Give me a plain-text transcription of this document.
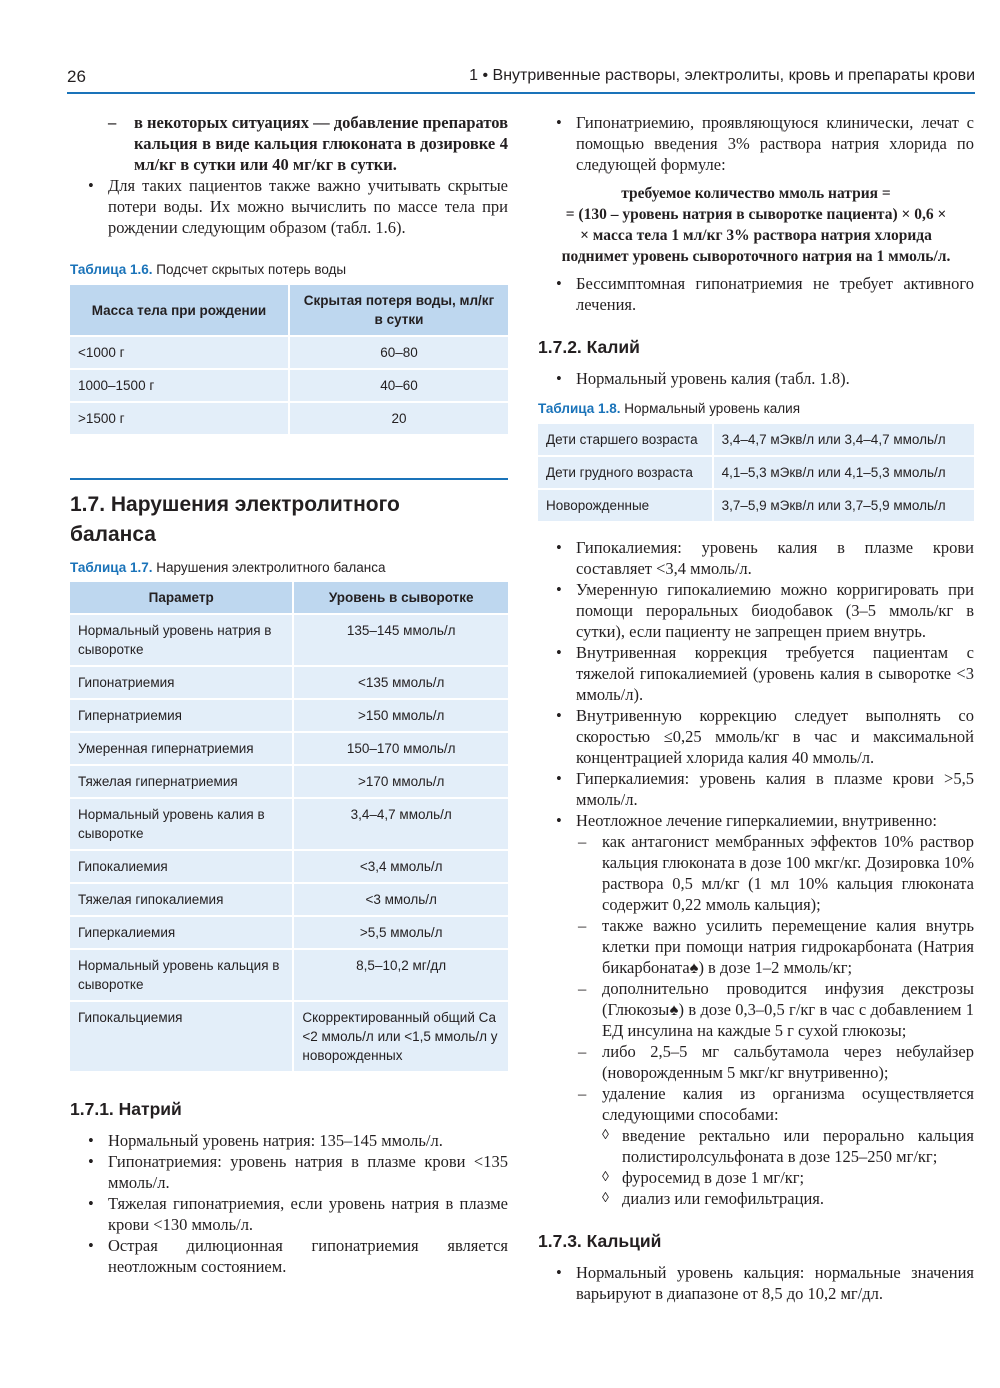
26	1 • Внутривенные растворы, электролиты, кровь и препараты крови
– в некоторых ситуациях — добавление препаратов кальция в виде кальция глюконата в дозировке 4 мл/кг в сутки или 40 мг/кг в сутки.
• Для таких пациентов также важно учитывать скрытые потери воды. Их можно вычислить по массе тела при рождении следующим образом (табл. 1.6).

Таблица 1.6. Подсчет скрытых потерь воды

Масса тела при рождении	Скрытая потеря воды, мл/кг в сутки
<1000 г	60–80
1000–1500 г	40–60
>1500 г	20
1.7. Нарушения электролитного баланса

Таблица 1.7. Нарушения электролитного баланса

Параметр	Уровень в сыворотке
Нормальный уровень натрия в сыворотке	135–145 ммоль/л
Гипонатриемия	<135 ммоль/л
Гипернатриемия	>150 ммоль/л
Умеренная гипернатриемия	150–170 ммоль/л
Тяжелая гипернатриемия	>170 ммоль/л
Нормальный уровень калия в сыворотке	3,4–4,7 ммоль/л
Гипокалиемия	<3,4 ммоль/л
Тяжелая гипокалиемия	<3 ммоль/л
Гиперкалиемия	>5,5 ммоль/л
Нормальный уровень кальция в сыворотке	8,5–10,2 мг/дл
Гипокальциемия	Скорректированный общий Са <2 ммоль/л или <1,5 ммоль/л у новорожденных
1.7.1. Натрий
• Нормальный уровень натрия: 135–145 ммоль/л.
• Гипонатриемия: уровень натрия в плазме крови <135 ммоль/л.
• Тяжелая гипонатриемия, если уровень натрия в плазме крови <130 ммоль/л.
• Острая дилюционная гипонатриемия является неотложным состоянием.
• Гипонатриемию, проявляющуюся клинически, лечат с помощью введения 3% раствора натрия хлорида по следующей формуле:
требуемое количество ммоль натрия =
= (130 – уровень натрия в сыворотке пациента) × 0,6 ×
× масса тела 1 мл/кг 3% раствора натрия хлорида
поднимет уровень сывороточного натрия на 1 ммоль/л.
• Бессимптомная гипонатриемия не требует активного лечения.
1.7.2. Калий
• Нормальный уровень калия (табл. 1.8).

Таблица 1.8. Нормальный уровень калия

Дети старшего возраста	3,4–4,7 мЭкв/л или 3,4–4,7 ммоль/л
Дети грудного возраста	4,1–5,3 мЭкв/л или 4,1–5,3 ммоль/л
Новорожденные	3,7–5,9 мЭкв/л или 3,7–5,9 ммоль/л
• Гипокалиемия: уровень калия в плазме крови составляет <3,4 ммоль/л.
• Умеренную гипокалиемию можно корригировать при помощи пероральных биодобавок (3–5 ммоль/кг в сутки), если пациенту не запрещен прием внутрь.
• Внутривенная коррекция требуется пациентам с тяжелой гипокалиемией (уровень калия в сыворотке <3 ммоль/л).
• Внутривенную коррекцию следует выполнять со скоростью ≤0,25 ммоль/кг в час и максимальной концентрацией хлорида калия 40 ммоль/л.
• Гиперкалиемия: уровень калия в плазме крови >5,5 ммоль/л.
• Неотложное лечение гиперкалиемии, внутривенно:
– как антагонист мембранных эффектов 10% раствор кальция глюконата в дозе 100 мкг/кг. Дозировка 10% раствора 0,5 мл/кг (1 мл 10% кальция глюконата содержит 0,22 ммоль кальция);
– также важно усилить перемещение калия внутрь клетки при помощи натрия гидрокарбоната (Натрия бикарбоната♠) в дозе 1–2 ммоль/кг;
– дополнительно проводится инфузия декстрозы (Глюкозы♠) в дозе 0,3–0,5 г/кг в час с добавлением 1 ЕД инсулина на каждые 5 г сухой глюкозы;
– либо 2,5–5 мг сальбутамола через небулайзер (новорожденным 5 мкг/кг внутривенно);
– удаление калия из организма осуществляется следующими способами:
◊ введение ректально или перорально кальция полистиролсульфоната в дозе 125–250 мг/кг;
◊ фуросемид в дозе 1 мг/кг;
◊ диализ или гемофильтрация.
1.7.3. Кальций
• Нормальный уровень кальция: нормальные значения варьируют в диапазоне от 8,5 до 10,2 мг/дл.
